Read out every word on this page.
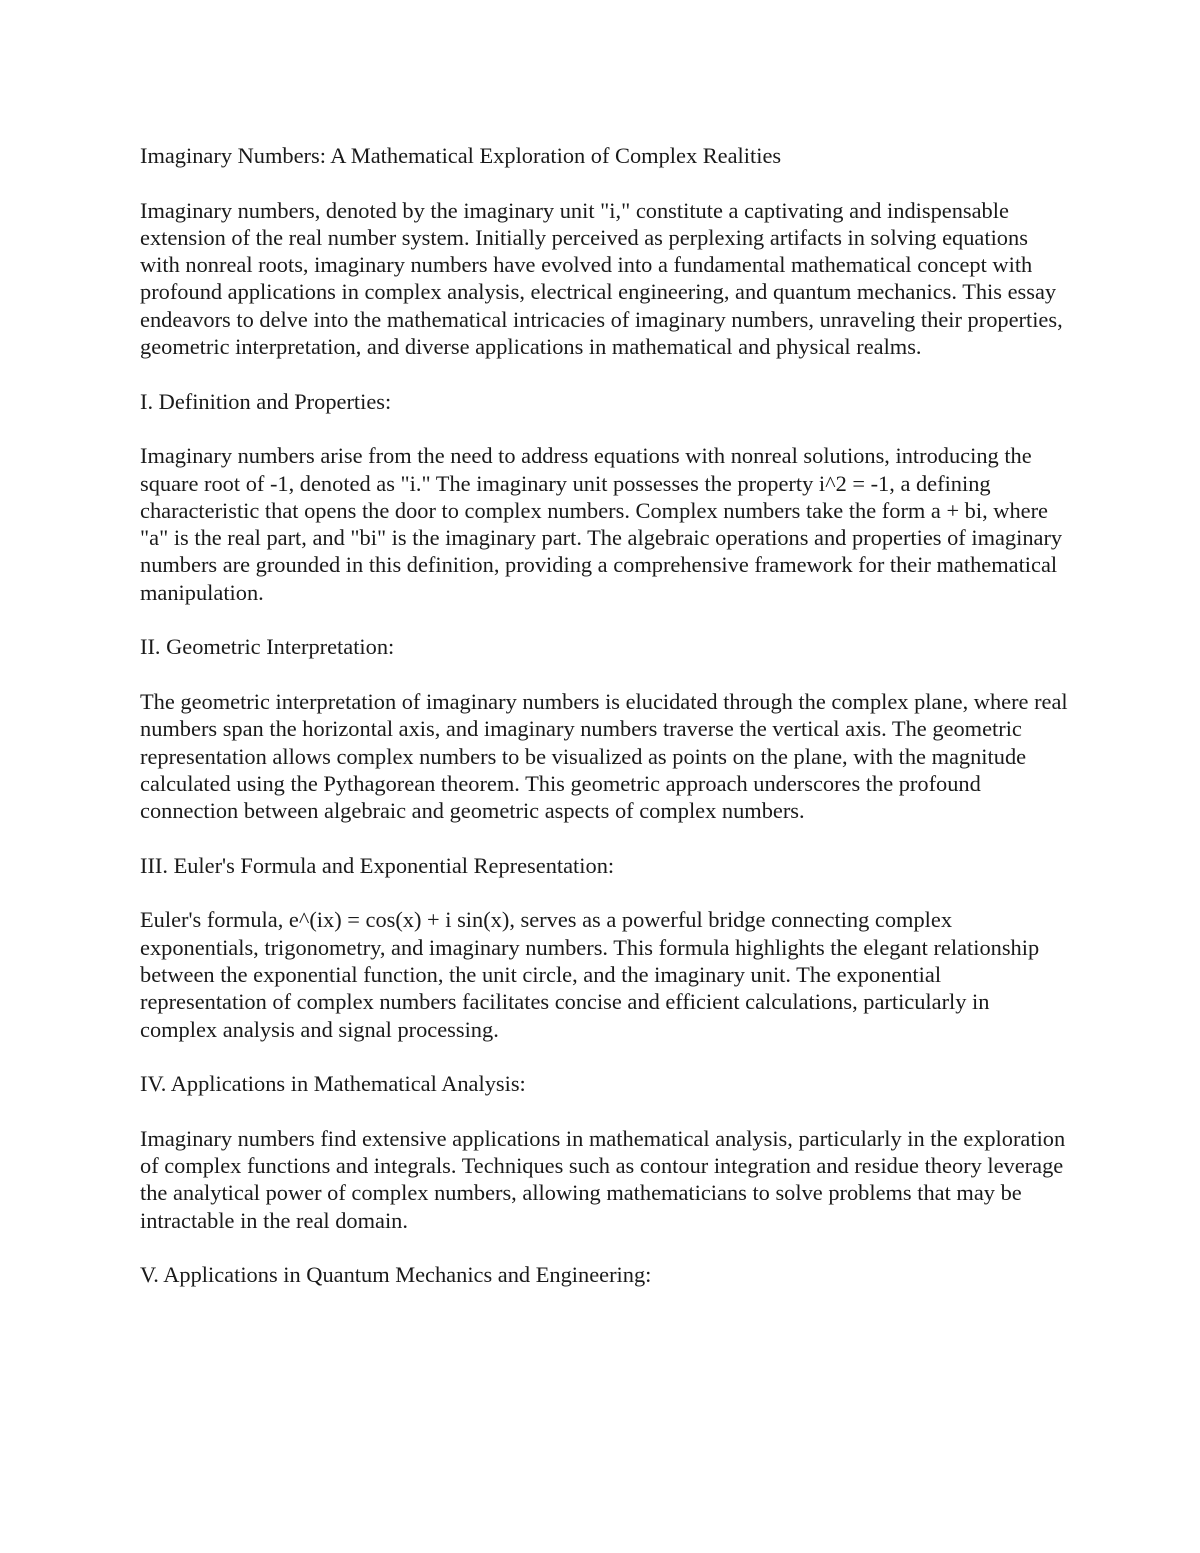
Imaginary Numbers: A Mathematical Exploration of Complex Realities

Imaginary numbers, denoted by the imaginary unit "i," constitute a captivating and indispensable extension of the real number system. Initially perceived as perplexing artifacts in solving equations with nonreal roots, imaginary numbers have evolved into a fundamental mathematical concept with profound applications in complex analysis, electrical engineering, and quantum mechanics. This essay endeavors to delve into the mathematical intricacies of imaginary numbers, unraveling their properties, geometric interpretation, and diverse applications in mathematical and physical realms.

I. Definition and Properties:

Imaginary numbers arise from the need to address equations with nonreal solutions, introducing the square root of -1, denoted as "i." The imaginary unit possesses the property i^2 = -1, a defining characteristic that opens the door to complex numbers. Complex numbers take the form a + bi, where "a" is the real part, and "bi" is the imaginary part. The algebraic operations and properties of imaginary numbers are grounded in this definition, providing a comprehensive framework for their mathematical manipulation.

II. Geometric Interpretation:

The geometric interpretation of imaginary numbers is elucidated through the complex plane, where real numbers span the horizontal axis, and imaginary numbers traverse the vertical axis. The geometric representation allows complex numbers to be visualized as points on the plane, with the magnitude calculated using the Pythagorean theorem. This geometric approach underscores the profound connection between algebraic and geometric aspects of complex numbers.

III. Euler's Formula and Exponential Representation:

Euler's formula, e^(ix) = cos(x) + i sin(x), serves as a powerful bridge connecting complex exponentials, trigonometry, and imaginary numbers. This formula highlights the elegant relationship between the exponential function, the unit circle, and the imaginary unit. The exponential representation of complex numbers facilitates concise and efficient calculations, particularly in complex analysis and signal processing.

IV. Applications in Mathematical Analysis:

Imaginary numbers find extensive applications in mathematical analysis, particularly in the exploration of complex functions and integrals. Techniques such as contour integration and residue theory leverage the analytical power of complex numbers, allowing mathematicians to solve problems that may be intractable in the real domain.

V. Applications in Quantum Mechanics and Engineering:
